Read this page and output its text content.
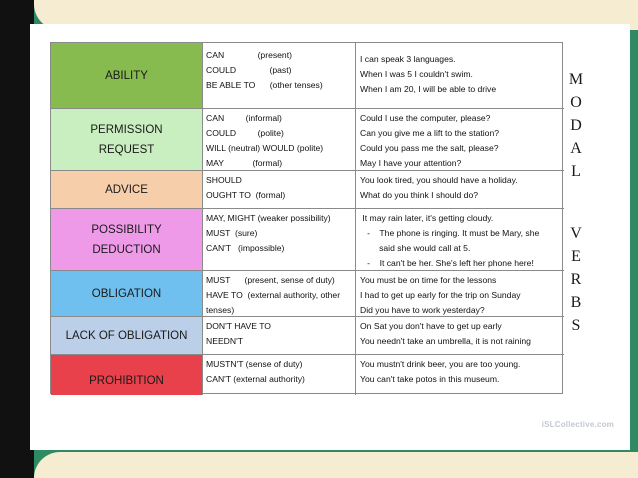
ABILITY
CAN              (present)
COULD              (past)
BE ABLE TO      (other tenses)
I can speak 3 languages.
When I was 5 I couldn't swim.
When I am 20, I will be able to drive
PERMISSION
REQUEST
CAN         (informal)
COULD         (polite)
WILL (neutral) WOULD (polite)
MAY            (formal)
Could I use the computer, please?
Can you give me a lift to the station?
Could you pass me the salt, please?
May I have your attention?
ADVICE
SHOULD
OUGHT TO  (formal)
You look tired, you should have a holiday.
What do you think I should do?
POSSIBILITY
DEDUCTION
MAY, MIGHT (weaker possibility)
MUST  (sure)
CAN'T   (impossible)
It may rain later, it's getting cloudy.
-    The phone is ringing. It must be Mary, she
said she would call at 5.
-    It can't be her. She's left her phone here!
OBLIGATION
MUST      (present, sense of duty)
HAVE TO  (external authority, other
tenses)
You must be on time for the lessons
I had to get up early for the trip on Sunday
Did you have to work yesterday?
LACK OF OBLIGATION
DON'T HAVE TO
NEEDN'T
On Sat you don't have to get up early
You needn't take an umbrella, it is not raining
PROHIBITION
MUSTN'T (sense of duty)
CAN'T (external authority)
You mustn't drink beer, you are too young.
You can't take potos in this museum.
M
O
D
A
L
V
E
R
B
S
iSLCollective.com
